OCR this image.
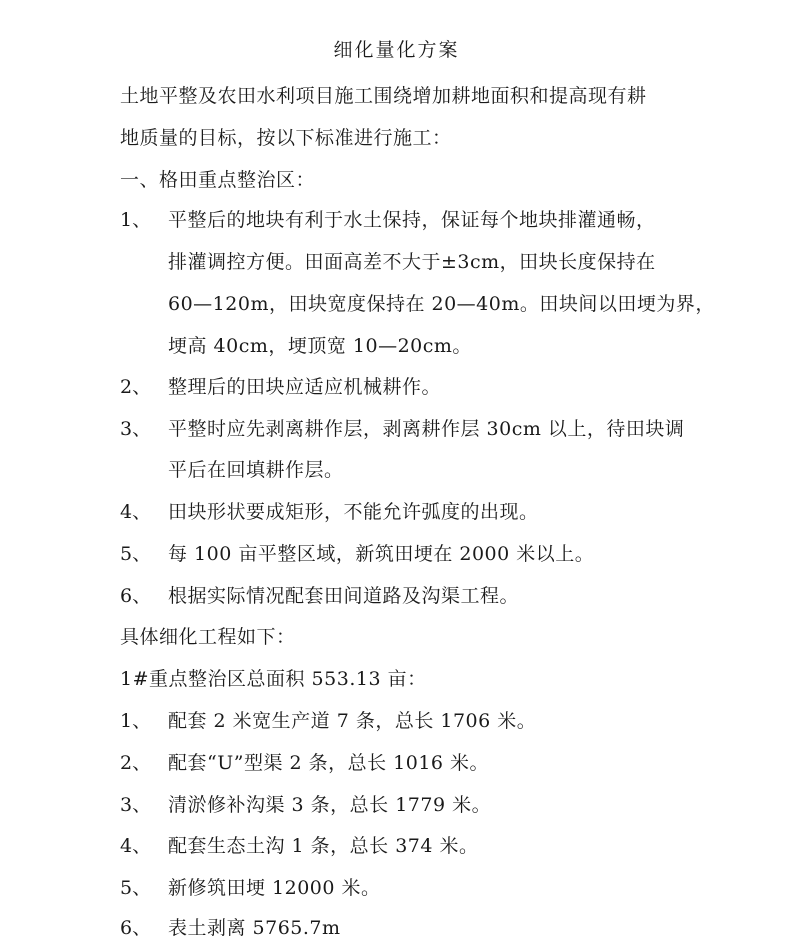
细化量化方案
土地平整及农田水利项目施工围绕增加耕地面积和提高现有耕
地质量的目标，按以下标准进行施工：
一、格田重点整治区：
1、 平整后的地块有利于水土保持，保证每个地块排灌通畅，
排灌调控方便。田面高差不大于±3cm，田块长度保持在
60—120m，田块宽度保持在 20—40m。田块间以田埂为界，
埂高 40cm，埂顶宽 10—20cm。
2、 整理后的田块应适应机械耕作。
3、 平整时应先剥离耕作层，剥离耕作层 30cm 以上，待田块调
平后在回填耕作层。
4、 田块形状要成矩形，不能允许弧度的出现。
5、 每 100 亩平整区域，新筑田埂在 2000 米以上。
6、 根据实际情况配套田间道路及沟渠工程。
具体细化工程如下：
1#重点整治区总面积 553.13 亩：
1、 配套 2 米宽生产道 7 条，总长 1706 米。
2、 配套“U”型渠 2 条，总长 1016 米。
3、 清淤修补沟渠 3 条，总长 1779 米。
4、 配套生态土沟 1 条，总长 374 米。
5、 新修筑田埂 12000 米。
6、 表土剥离 5765.7m
